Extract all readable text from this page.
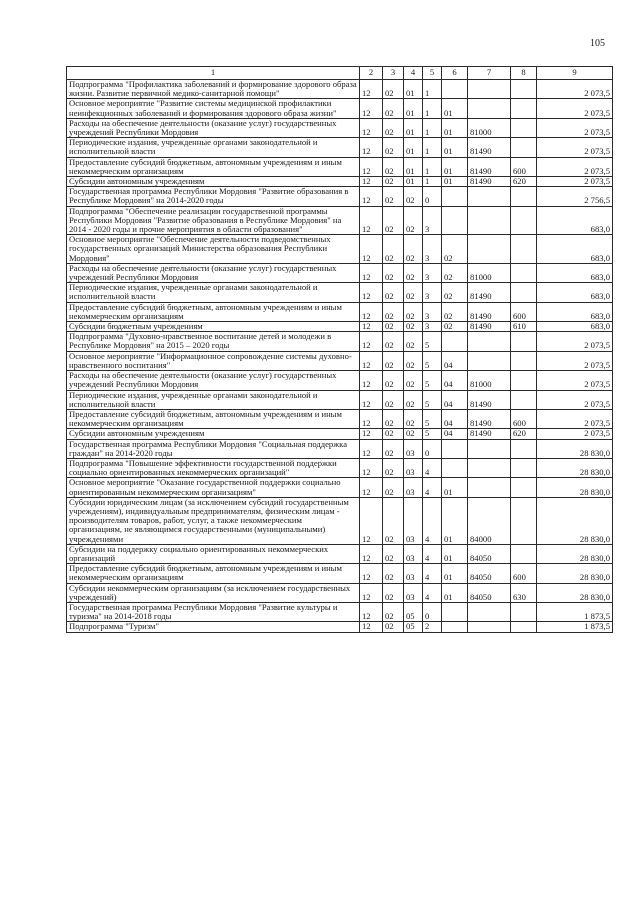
105
1	2	3	4	5	6	7	8	9
Подпрограмма "Профилактика заболеваний и формирование здорового образа жизни. Развитие первичной медико-санитарной помощи"	12	02	01	1				2 073,5
Основное мероприятие "Развитие системы медицинской профилактики неинфекционных заболеваний и формирования здорового образа жизни"	12	02	01	1	01			2 073,5
Расходы на обеспечение деятельности (оказание услуг) государственных учреждений Республики Мордовия	12	02	01	1	01	81000		2 073,5
Периодические издания, учрежденные органами законодательной и исполнительной власти	12	02	01	1	01	81490		2 073,5
Предоставление субсидий бюджетным, автономным учреждениям и иным некоммерческим организациям	12	02	01	1	01	81490	600	2 073,5
Субсидии автономным учреждениям	12	02	01	1	01	81490	620	2 073,5
Государственная программа Республики Мордовия "Развитие образования в Республике Мордовия" на 2014-2020 годы	12	02	02	0				2 756,5
Подпрограмма "Обеспечение реализации государственной программы Республики Мордовия "Развитие образования в Республике Мордовия" на 2014 - 2020 годы и прочие мероприятия в области образования"	12	02	02	3				683,0
Основное мероприятие "Обеспечение деятельности подведомственных государственных организаций Министерства образования Республики Мордовия"	12	02	02	3	02			683,0
Расходы на обеспечение деятельности (оказание услуг) государственных учреждений Республики Мордовия	12	02	02	3	02	81000		683,0
Периодические издания, учрежденные органами законодательной и исполнительной власти	12	02	02	3	02	81490		683,0
Предоставление субсидий бюджетным, автономным учреждениям и иным некоммерческим организациям	12	02	02	3	02	81490	600	683,0
Субсидии бюджетным учреждениям	12	02	02	3	02	81490	610	683,0
Подпрограмма "Духовно-нравственное воспитание детей и молодежи в Республике Мордовия" на 2015 – 2020 годы	12	02	02	5				2 073,5
Основное мероприятие "Информационное сопровождение системы духовно-нравственного воспитания"	12	02	02	5	04			2 073,5
Расходы на обеспечение деятельности (оказание услуг) государственных учреждений Республики Мордовия	12	02	02	5	04	81000		2 073,5
Периодические издания, учрежденные органами законодательной и исполнительной власти	12	02	02	5	04	81490		2 073,5
Предоставление субсидий бюджетным, автономным учреждениям и иным некоммерческим организациям	12	02	02	5	04	81490	600	2 073,5
Субсидии автономным учреждениям	12	02	02	5	04	81490	620	2 073,5
Государственная программа Республики Мордовия "Социальная поддержка граждан" на 2014-2020 годы	12	02	03	0				28 830,0
Подпрограмма "Повышение эффективности государственной поддержки социально ориентированных некоммерческих организаций"	12	02	03	4				28 830,0
Основное мероприятие "Оказание государственной поддержки социально ориентированным некоммерческим организациям"	12	02	03	4	01			28 830,0
Субсидии юридическим лицам (за исключением субсидий государственным учреждениям), индивидуальным предпринимателям, физическим лицам - производителям товаров, работ, услуг, а также некоммерческим организациям, не являющимся государственными (муниципальными) учреждениями	12	02	03	4	01	84000		28 830,0
Субсидии на поддержку социально ориентированных некоммерческих организаций	12	02	03	4	01	84050		28 830,0
Предоставление субсидий бюджетным, автономным учреждениям и иным некоммерческим организациям	12	02	03	4	01	84050	600	28 830,0
Субсидии некоммерческим организациям (за исключением государственных учреждений)	12	02	03	4	01	84050	630	28 830,0
Государственная программа Республики Мордовия "Развитие культуры и туризма" на 2014-2018 годы	12	02	05	0				1 873,5
Подпрограмма "Туризм"	12	02	05	2				1 873,5
